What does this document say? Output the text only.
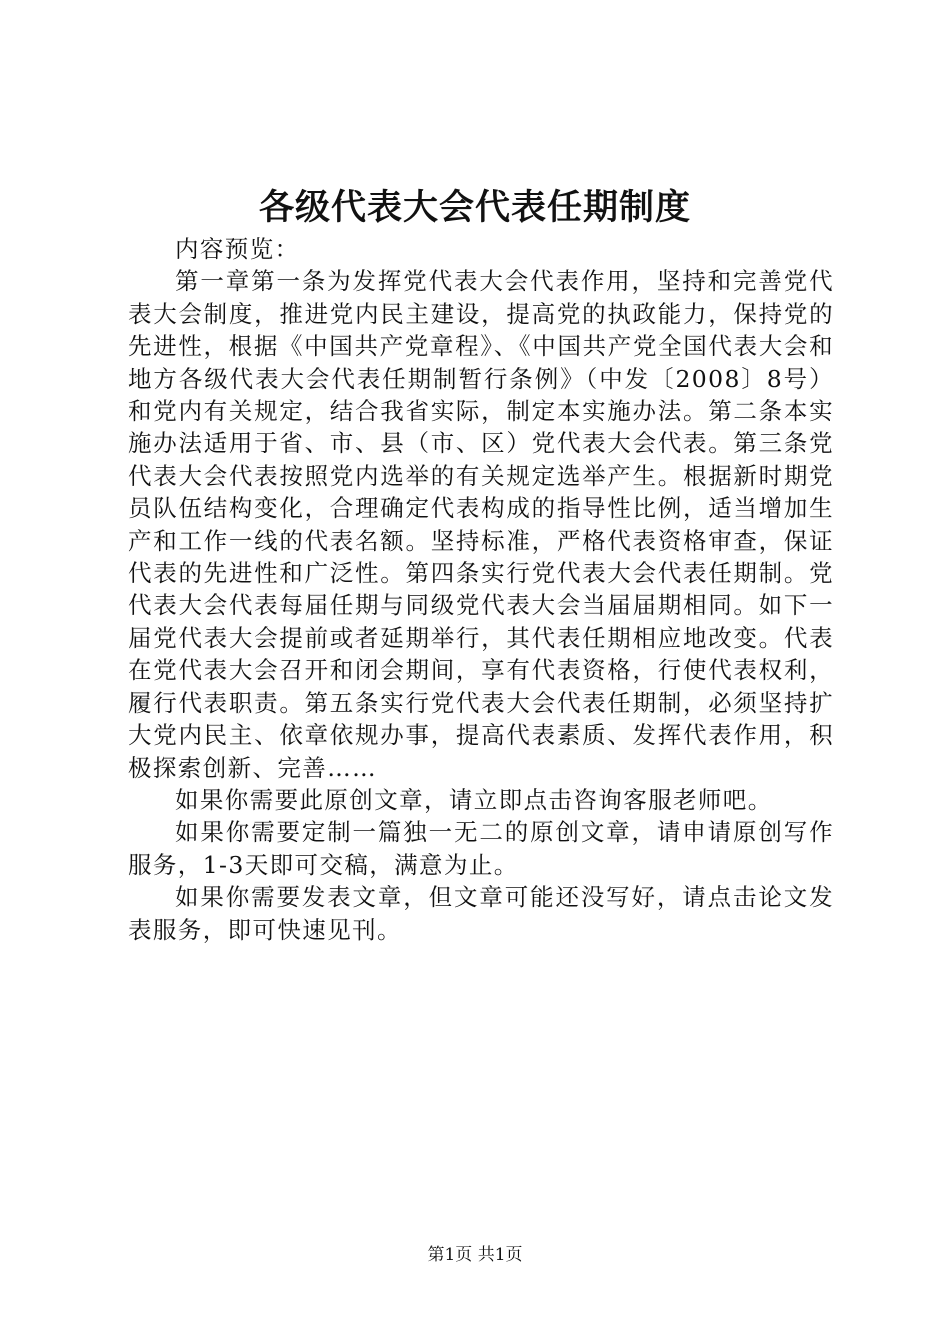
各级代表大会代表任期制度

内容预览：

第一章第一条为发挥党代表大会代表作用，坚持和完善党代表大会制度，推进党内民主建设，提高党的执政能力，保持党的先进性，根据《中国共产党章程》、《中国共产党全国代表大会和地方各级代表大会代表任期制暂行条例》（中发〔2008〕8号）和党内有关规定，结合我省实际，制定本实施办法。第二条本实施办法适用于省、市、县（市、区）党代表大会代表。第三条党代表大会代表按照党内选举的有关规定选举产生。根据新时期党员队伍结构变化，合理确定代表构成的指导性比例，适当增加生产和工作一线的代表名额。坚持标准，严格代表资格审查，保证代表的先进性和广泛性。第四条实行党代表大会代表任期制。党代表大会代表每届任期与同级党代表大会当届届期相同。如下一届党代表大会提前或者延期举行，其代表任期相应地改变。代表在党代表大会召开和闭会期间，享有代表资格，行使代表权利，履行代表职责。第五条实行党代表大会代表任期制，必须坚持扩大党内民主、依章依规办事，提高代表素质、发挥代表作用，积极探索创新、完善……

如果你需要此原创文章，请立即点击咨询客服老师吧。

如果你需要定制一篇独一无二的原创文章，请申请原创写作服务，1-3天即可交稿，满意为止。

如果你需要发表文章，但文章可能还没写好，请点击论文发表服务，即可快速见刊。

第1页 共1页
